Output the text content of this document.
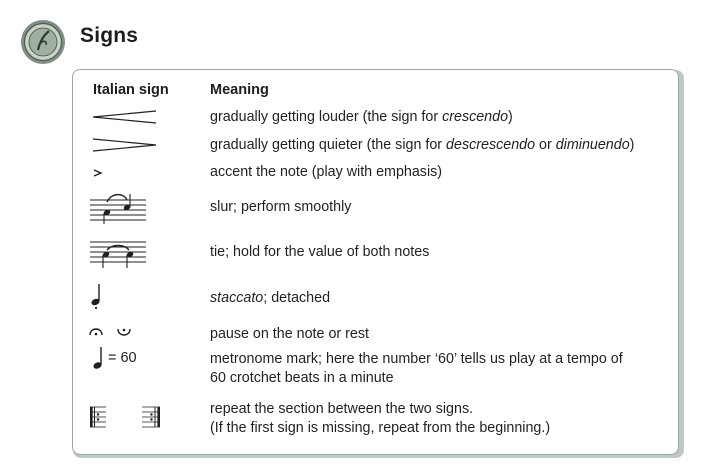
Signs
Italian sign	Meaning
gradually getting louder (the sign for crescendo)
gradually getting quieter (the sign for descrescendo or diminuendo)
accent the note (play with emphasis)
slur; perform smoothly
tie; hold for the value of both notes
staccato; detached
pause on the note or rest
= 60	metronome mark; here the number ‘60’ tells us play at a tempo of
60 crotchet beats in a minute
repeat the section between the two signs.
(If the first sign is missing, repeat from the beginning.)
